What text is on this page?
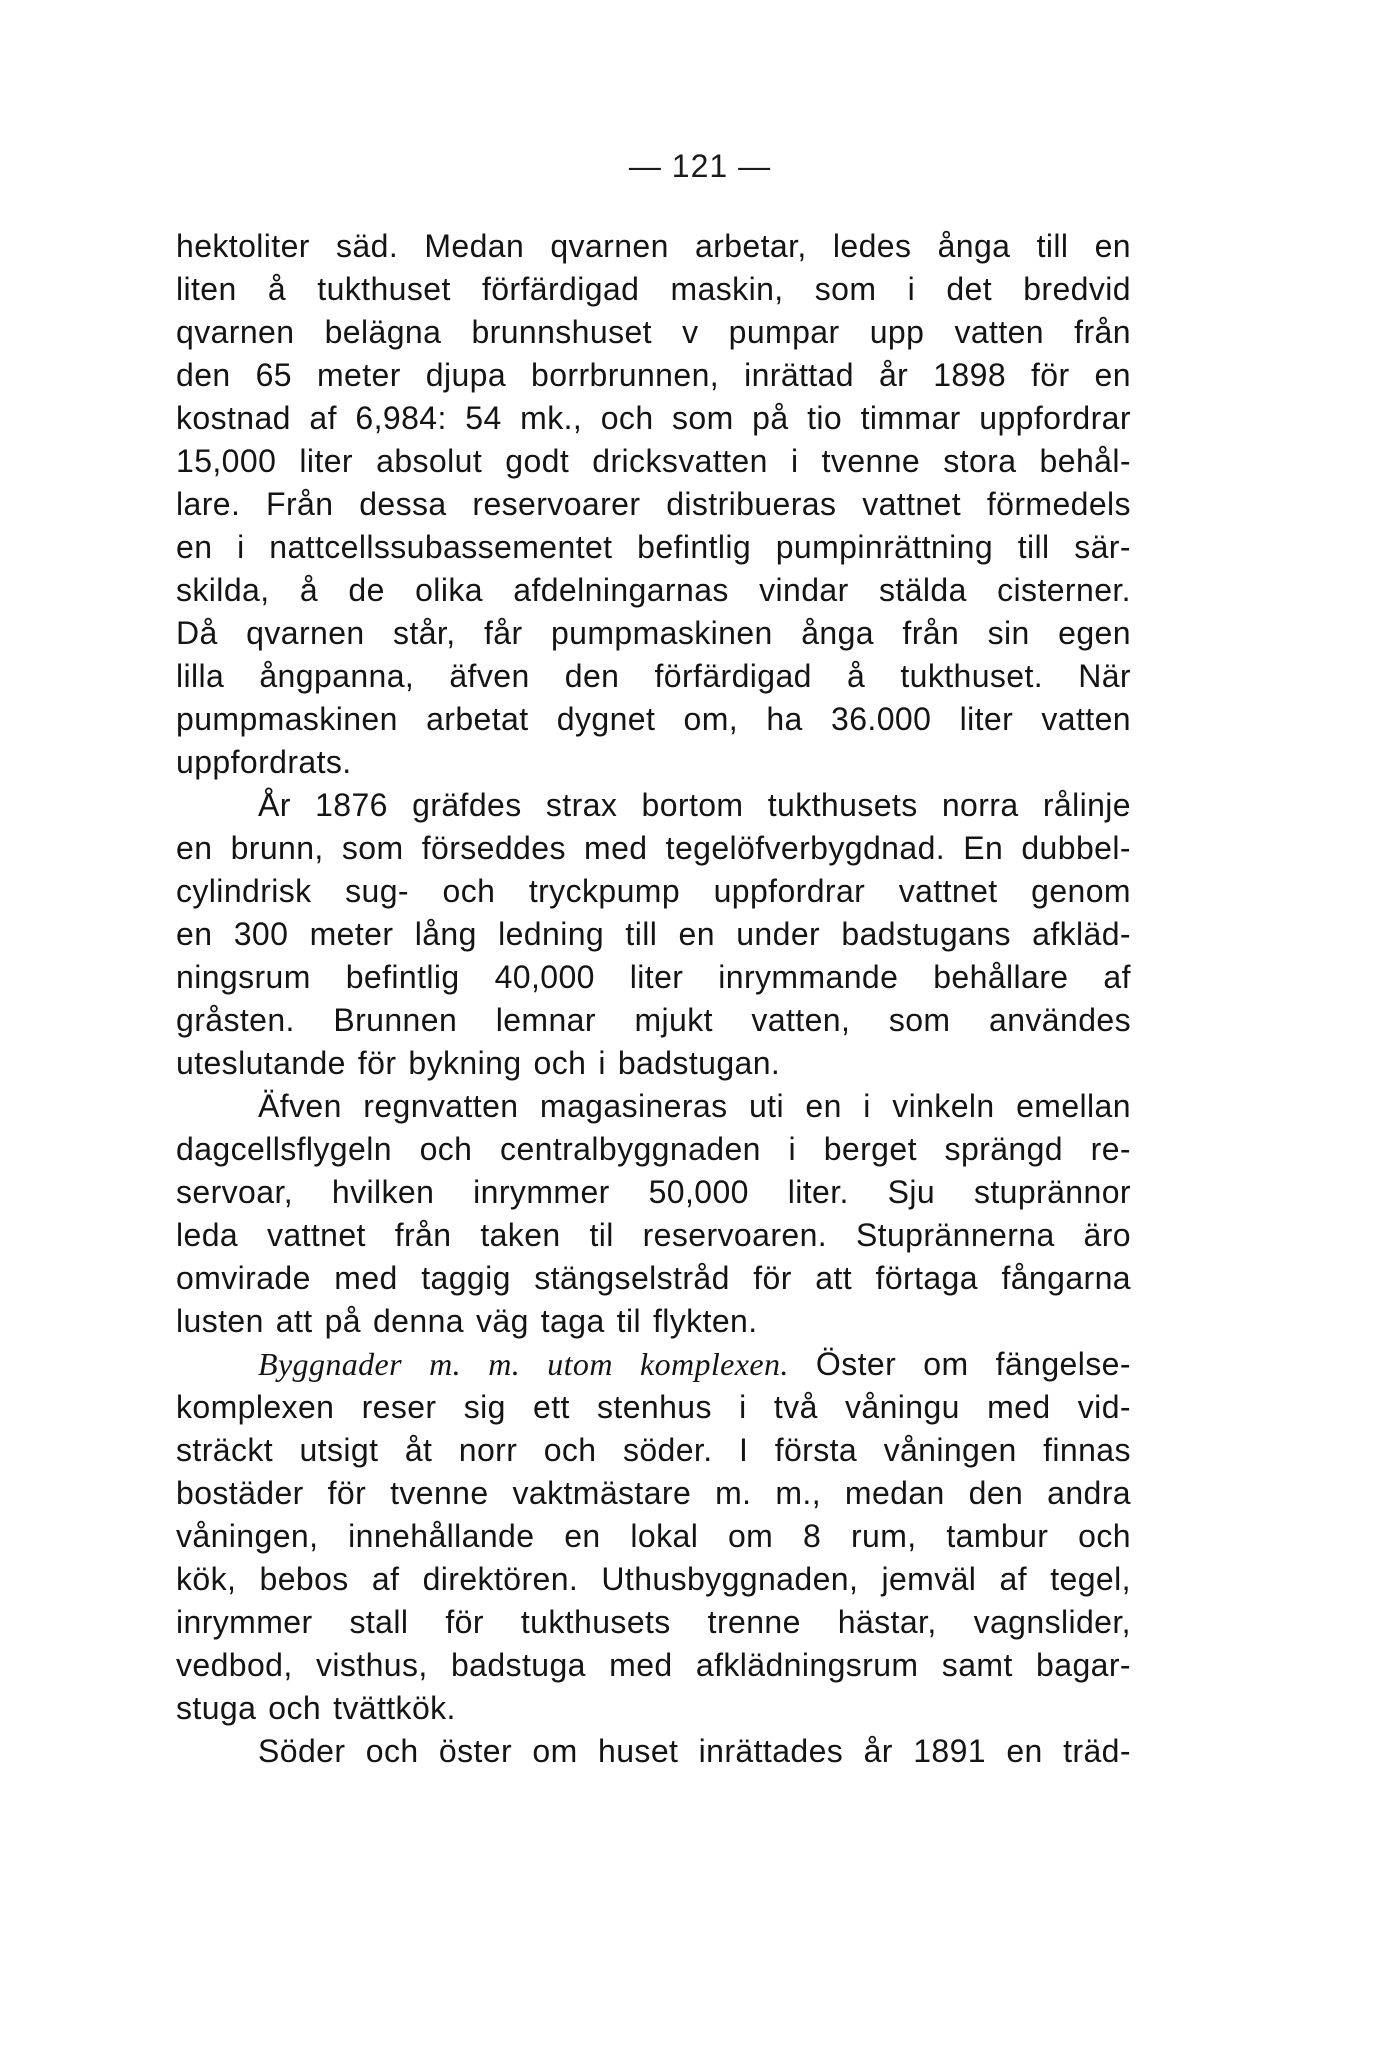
— 121 —
hektoliter säd. Medan qvarnen arbetar, ledes ånga till en
liten å tukthuset förfärdigad maskin, som i det bredvid
qvarnen belägna brunnshuset v pumpar upp vatten från
den 65 meter djupa borrbrunnen, inrättad år 1898 för en
kostnad af 6,984: 54 mk., och som på tio timmar uppfordrar
15,000 liter absolut godt dricksvatten i tvenne stora behål-
lare. Från dessa reservoarer distribueras vattnet förmedels
en i nattcellssubassementet befintlig pumpinrättning till sär-
skilda, å de olika afdelningarnas vindar stälda cisterner.
Då qvarnen står, får pumpmaskinen ånga från sin egen
lilla ångpanna, äfven den förfärdigad å tukthuset. När
pumpmaskinen arbetat dygnet om, ha 36.000 liter vatten
uppfordrats.
År 1876 gräfdes strax bortom tukthusets norra rålinje
en brunn, som förseddes med tegelöfverbygdnad. En dubbel-
cylindrisk sug- och tryckpump uppfordrar vattnet genom
en 300 meter lång ledning till en under badstugans afkläd-
ningsrum befintlig 40,000 liter inrymmande behållare af
gråsten. Brunnen lemnar mjukt vatten, som användes
uteslutande för bykning och i badstugan.
Äfven regnvatten magasineras uti en i vinkeln emellan
dagcellsflygeln och centralbyggnaden i berget sprängd re-
servoar, hvilken inrymmer 50,000 liter. Sju stuprännor
leda vattnet från taken til reservoaren. Stuprännerna äro
omvirade med taggig stängselstråd för att förtaga fångarna
lusten att på denna väg taga til flykten.
Byggnader m. m. utom komplexen. Öster om fängelse-
komplexen reser sig ett stenhus i två våningu med vid-
sträckt utsigt åt norr och söder. I första våningen finnas
bostäder för tvenne vaktmästare m. m., medan den andra
våningen, innehållande en lokal om 8 rum, tambur och
kök, bebos af direktören. Uthusbyggnaden, jemväl af tegel,
inrymmer stall för tukthusets trenne hästar, vagnslider,
vedbod, visthus, badstuga med afklädningsrum samt bagar-
stuga och tvättkök.
Söder och öster om huset inrättades år 1891 en träd-
